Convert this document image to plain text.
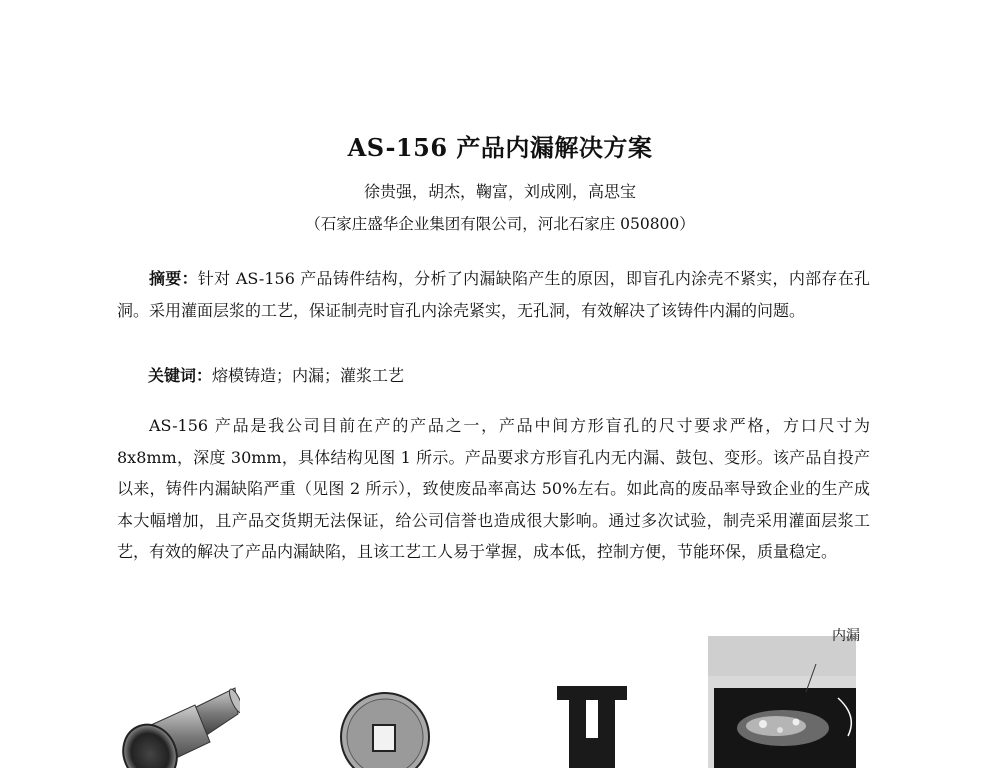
AS-156 产品内漏解决方案
徐贵强，胡杰，鞠富，刘成刚，高思宝
（石家庄盛华企业集团有限公司，河北石家庄 050800）
摘要：针对 AS-156 产品铸件结构，分析了内漏缺陷产生的原因，即盲孔内涂壳不紧实，内部存在孔洞。采用灌面层浆的工艺，保证制壳时盲孔内涂壳紧实，无孔洞，有效解决了该铸件内漏的问题。
关键词：熔模铸造；内漏；灌浆工艺
AS-156 产品是我公司目前在产的产品之一，产品中间方形盲孔的尺寸要求严格，方口尺寸为 8x8mm，深度 30mm，具体结构见图 1 所示。产品要求方形盲孔内无内漏、鼓包、变形。该产品自投产以来，铸件内漏缺陷严重（见图 2 所示），致使废品率高达 50%左右。如此高的废品率导致企业的生产成本大幅增加，且产品交货期无法保证，给公司信誉也造成很大影响。通过多次试验，制壳采用灌面层浆工艺，有效的解决了产品内漏缺陷，且该工艺工人易于掌握，成本低，控制方便，节能环保，质量稳定。
内漏
